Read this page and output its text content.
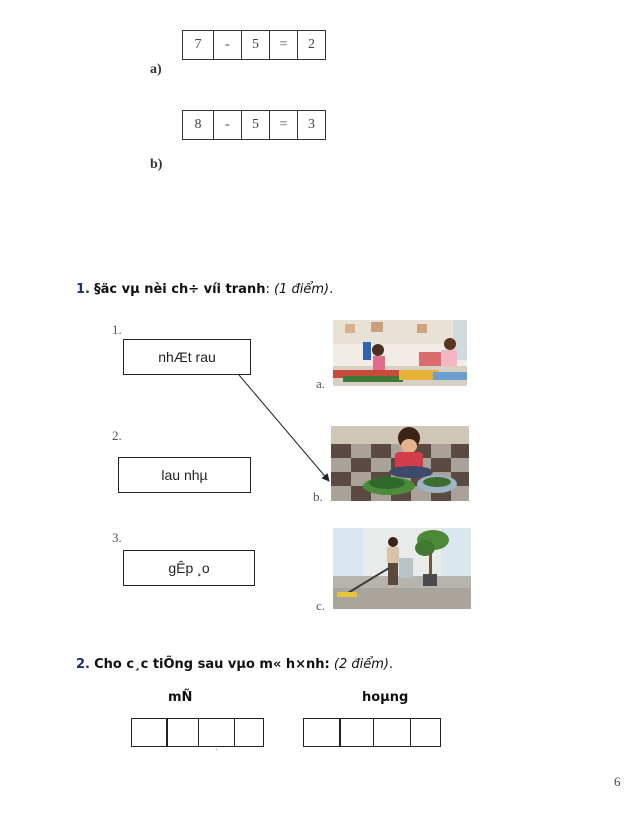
7	-	5	=	2
a)
8	-	5	=	3
b)
1. §äc vµ nèi ch÷ víi tranh: (1 điểm).
1.
nhÆt rau
2.
lau nhµ
3.
gÊp ¸o
a.
b.
c.
2. Cho c¸c tiÕng sau vµo m« h×nh: (2 điểm).
mÑ	hoµng
.
6
